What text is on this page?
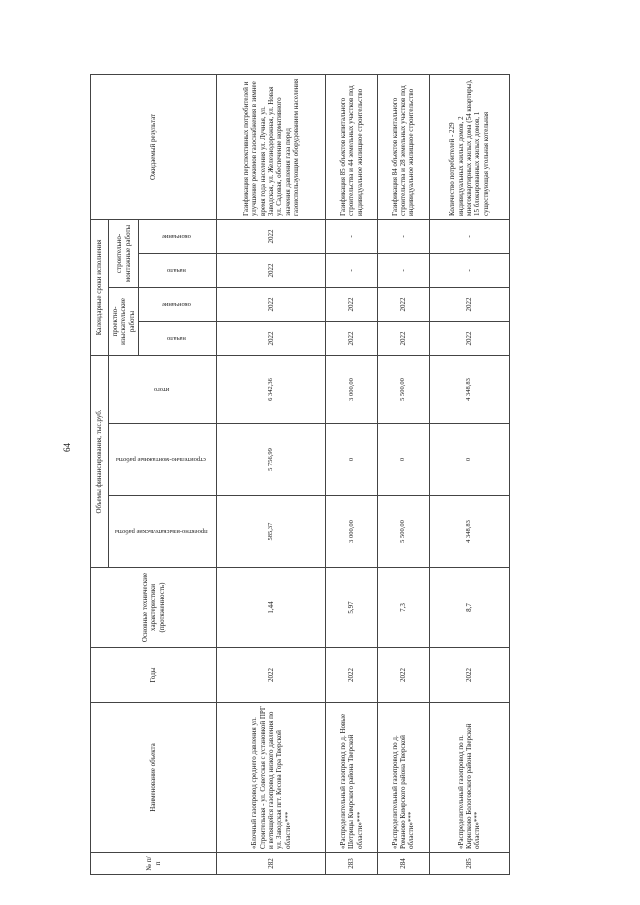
64
№ п/п	Наименование объекта	Годы	Основные технические характеристики (протяженность)	Объемы финансирования, тыс.руб.			Календарные сроки исполнения				Ожидаемый результат
				проектно-изыскательские работы	строительно-монтажные работы	итого	проектно-изыскательские работы		строительно-монтажные работы		
							начало	окончание	начало	окончание	
282	«Блочный газопровод среднего давления ул. Строительная - ул. Советская с установкой ПРГ и ветвящейся газопровод низкого давления по ул. Заводская пгт. Кесова Гора Тверской области»***	2022	1,44	585,37	5 756,99	6 342,36	2022	2022	2022	2022	Газификация перспективных потребителей и улучшение режимов газоснабжения в зимнее время года населения ул. Лучная, ул. Заводская, ул. Железнодорожная, ул. Новая ул. Садовая, обеспечение нормативного значения давления газа перед газоиспользующим оборудованием населения
283	«Распределительный газопровод по д. Новые Шетрицы Кимрского района Тверской области»***	2022	5,97	3 000,00	0	3 000,00	2022	2022	-	-	Газификация 85 объектов капитального строительства и 44 земельных участков под индивидуальное жилищное строительство
284	«Распределительный газопровод по д. Романово Кимрского района Тверской области»***	2022	7,3	5 500,00	0	5 500,00	2022	2022	-	-	Газификация 84 объектов капитального строительства и 28 земельных участков под индивидуальное жилищное строительство
285	«Распределительный газопровод по п. Кирилково Бологовского района Тверской области»***	2022	8,7	4 348,83	0	4 348,83	2022	2022	-	-	Количество потребителей - 229 индивидуальных жилых домов, 2 многоквартирных жилых дома (54 квартиры), 15 блокированных жилых домов, 1 существующая угольная котельная
